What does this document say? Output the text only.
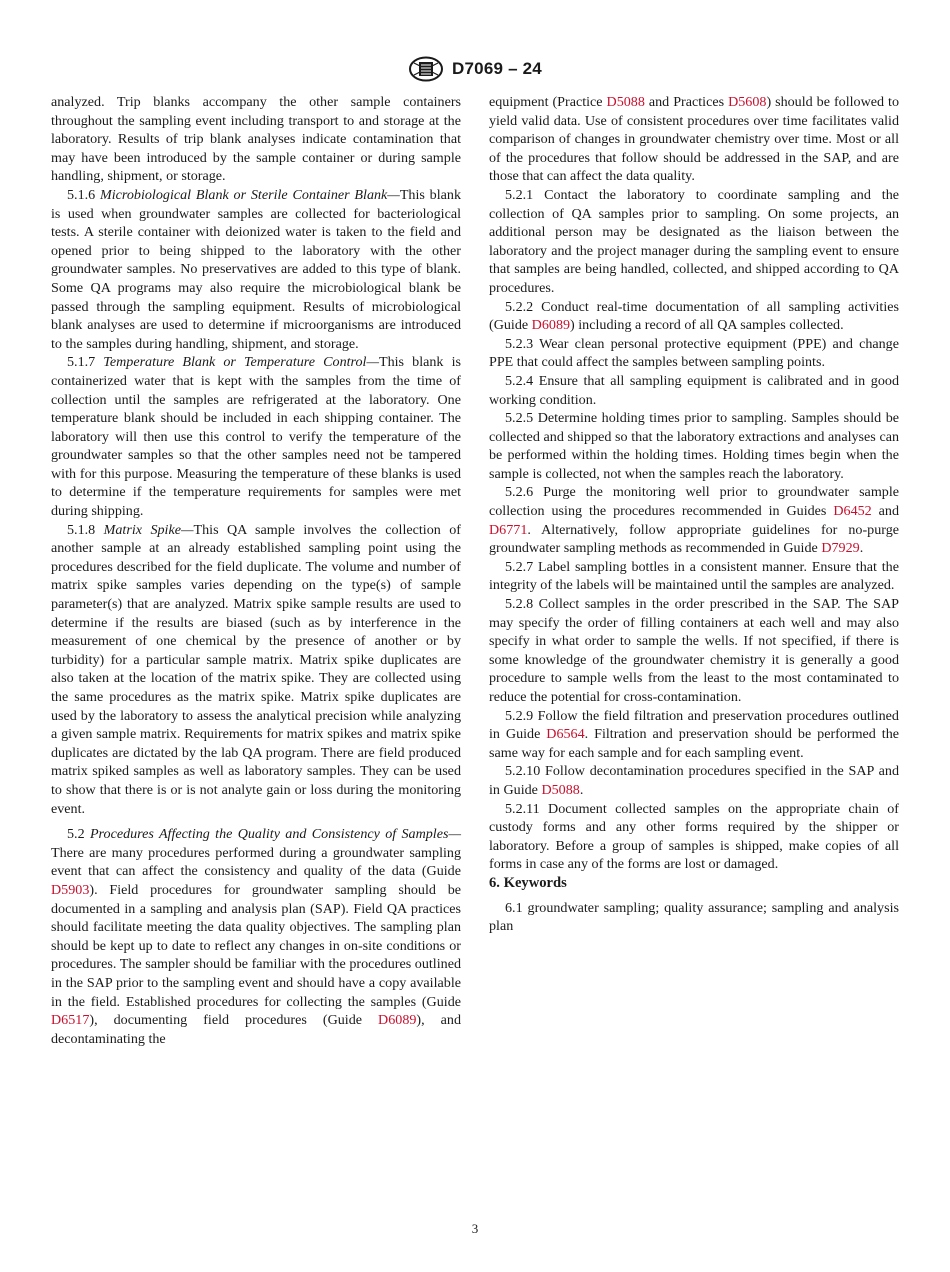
D7069 – 24

analyzed. Trip blanks accompany the other sample containers throughout the sampling event including transport to and storage at the laboratory. Results of trip blank analyses indicate contamination that may have been introduced by the sample container or during sample handling, shipment, or storage.

5.1.6 Microbiological Blank or Sterile Container Blank—This blank is used when groundwater samples are collected for bacteriological tests. A sterile container with deionized water is taken to the field and opened prior to being shipped to the laboratory with the other groundwater samples. No preservatives are added to this type of blank. Some QA programs may also require the microbiological blank be passed through the sampling equipment. Results of microbiological blank analyses are used to determine if microorganisms are introduced to the samples during handling, shipment, and storage.

5.1.7 Temperature Blank or Temperature Control—This blank is containerized water that is kept with the samples from the time of collection until the samples are refrigerated at the laboratory. One temperature blank should be included in each shipping container. The laboratory will then use this control to verify the temperature of the groundwater samples so that the other samples need not be tampered with for this purpose. Measuring the temperature of these blanks is used to determine if the temperature requirements for samples were met during shipping.

5.1.8 Matrix Spike—This QA sample involves the collection of another sample at an already established sampling point using the procedures described for the field duplicate. The volume and number of matrix spike samples varies depending on the type(s) of sample parameter(s) that are analyzed. Matrix spike sample results are used to determine if the results are biased (such as by interference in the measurement of one chemical by the presence of another or by turbidity) for a particular sample matrix. Matrix spike duplicates are also taken at the location of the matrix spike. They are collected using the same procedures as the matrix spike. Matrix spike duplicates are used by the laboratory to assess the analytical precision while analyzing a given sample matrix. Requirements for matrix spikes and matrix spike duplicates are dictated by the lab QA program. There are field produced matrix spiked samples as well as laboratory samples. They can be used to show that there is or is not analyte gain or loss during the monitoring event.

5.2 Procedures Affecting the Quality and Consistency of Samples—There are many procedures performed during a groundwater sampling event that can affect the consistency and quality of the data (Guide D5903). Field procedures for groundwater sampling should be documented in a sampling and analysis plan (SAP). Field QA practices should facilitate meeting the data quality objectives. The sampling plan should be kept up to date to reflect any changes in on-site conditions or procedures. The sampler should be familiar with the procedures outlined in the SAP prior to the sampling event and should have a copy available in the field. Established procedures for collecting the samples (Guide D6517), documenting field procedures (Guide D6089), and decontaminating the

equipment (Practice D5088 and Practices D5608) should be followed to yield valid data. Use of consistent procedures over time facilitates valid comparison of changes in groundwater chemistry over time. Most or all of the procedures that follow should be addressed in the SAP, and are those that can affect the data quality.

5.2.1 Contact the laboratory to coordinate sampling and the collection of QA samples prior to sampling. On some projects, an additional person may be designated as the liaison between the laboratory and the project manager during the sampling event to ensure that samples are being handled, collected, and shipped according to QA procedures.

5.2.2 Conduct real-time documentation of all sampling activities (Guide D6089) including a record of all QA samples collected.

5.2.3 Wear clean personal protective equipment (PPE) and change PPE that could affect the samples between sampling points.

5.2.4 Ensure that all sampling equipment is calibrated and in good working condition.

5.2.5 Determine holding times prior to sampling. Samples should be collected and shipped so that the laboratory extractions and analyses can be performed within the holding times. Holding times begin when the sample is collected, not when the samples reach the laboratory.

5.2.6 Purge the monitoring well prior to groundwater sample collection using the procedures recommended in Guides D6452 and D6771. Alternatively, follow appropriate guidelines for no-purge groundwater sampling methods as recommended in Guide D7929.

5.2.7 Label sampling bottles in a consistent manner. Ensure that the integrity of the labels will be maintained until the samples are analyzed.

5.2.8 Collect samples in the order prescribed in the SAP. The SAP may specify the order of filling containers at each well and may also specify in what order to sample the wells. If not specified, if there is some knowledge of the groundwater chemistry it is generally a good procedure to sample wells from the least to the most contaminated to reduce the potential for cross-contamination.

5.2.9 Follow the field filtration and preservation procedures outlined in Guide D6564. Filtration and preservation should be performed the same way for each sample and for each sampling event.

5.2.10 Follow decontamination procedures specified in the SAP and in Guide D5088.

5.2.11 Document collected samples on the appropriate chain of custody forms and any other forms required by the shipper or laboratory. Before a group of samples is shipped, make copies of all forms in case any of the forms are lost or damaged.

6. Keywords

6.1 groundwater sampling; quality assurance; sampling and analysis plan

3
